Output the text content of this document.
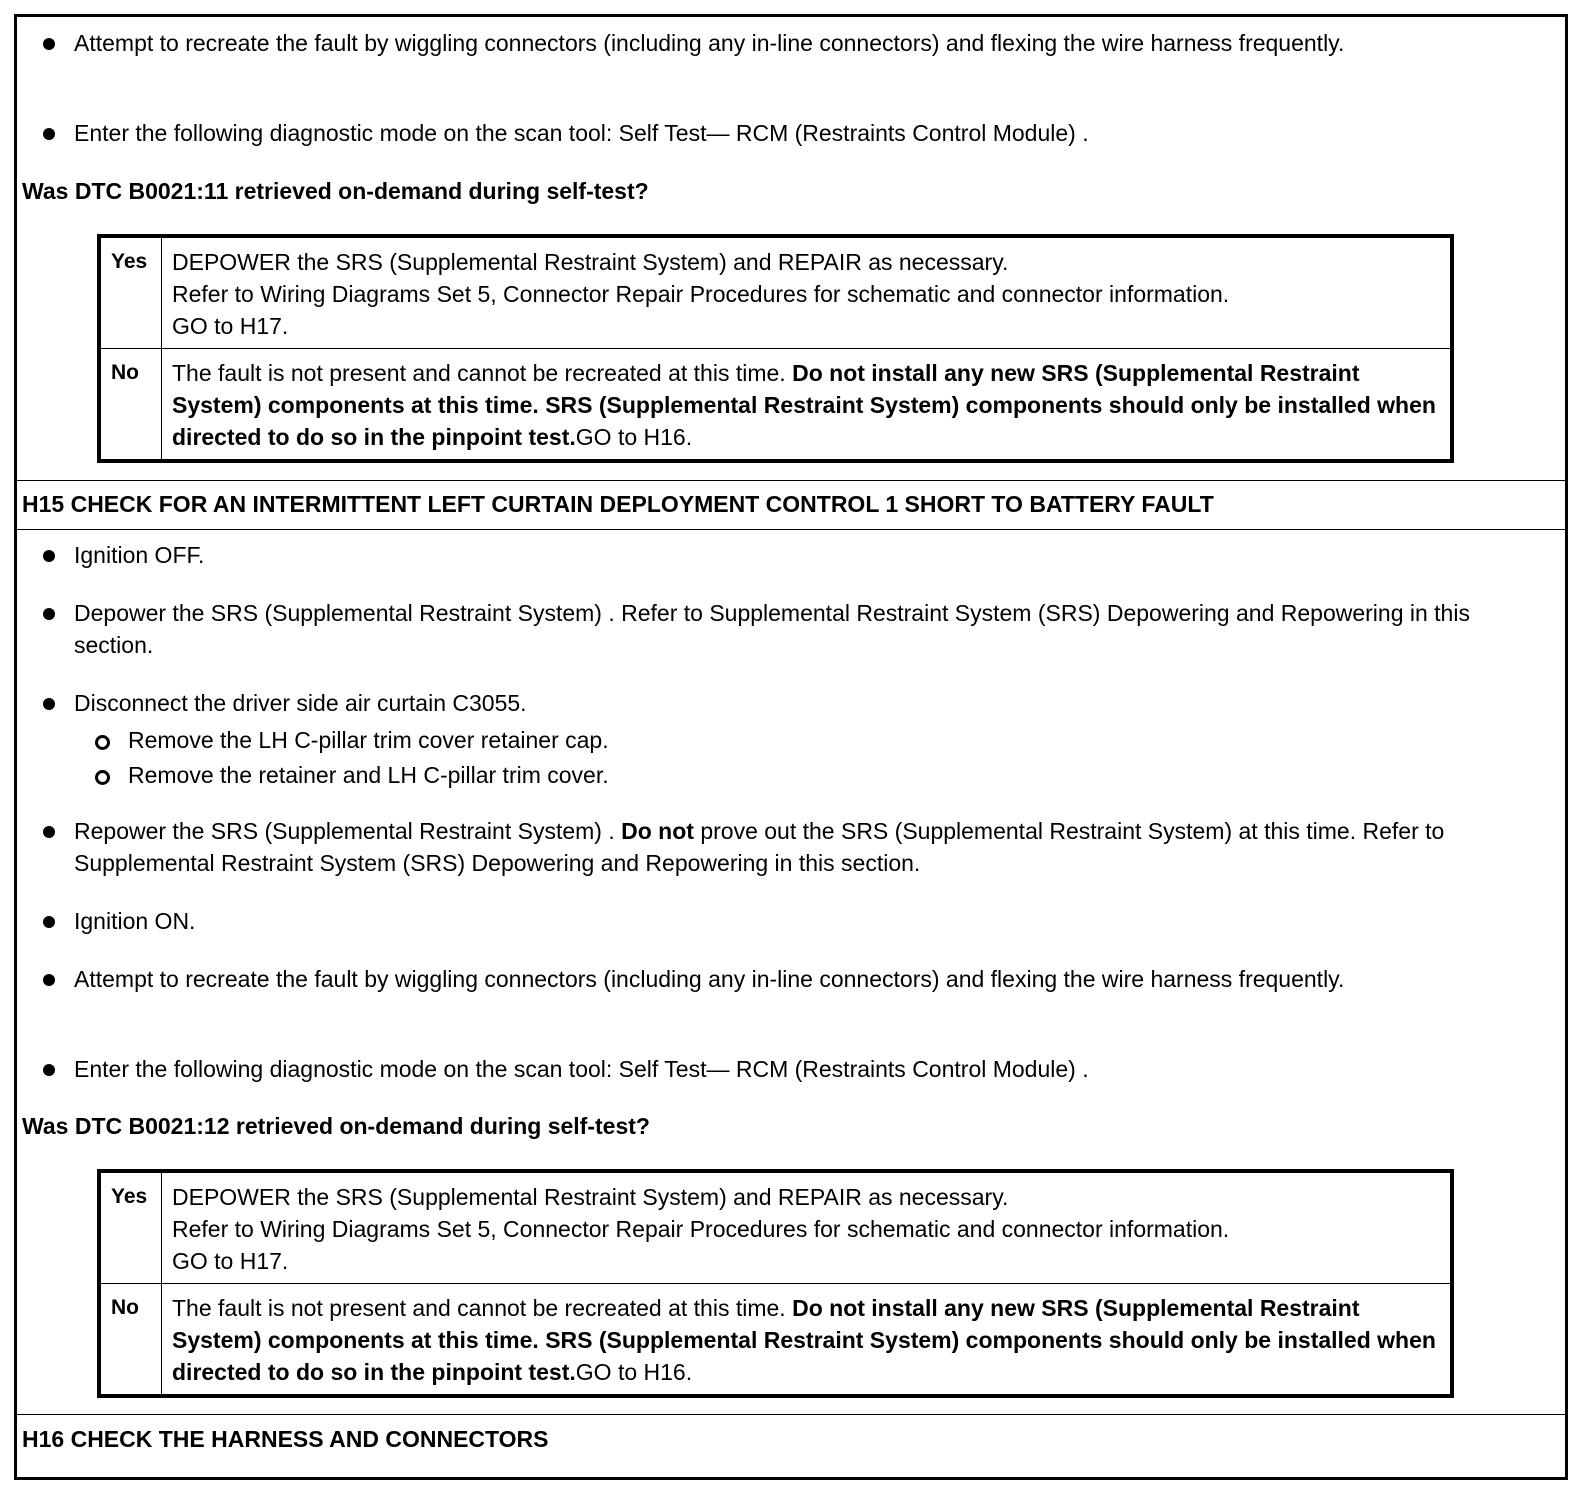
Attempt to recreate the fault by wiggling connectors (including any in-line connectors) and flexing the wire harness frequently.
Enter the following diagnostic mode on the scan tool: Self Test— RCM (Restraints Control Module) .
Was DTC B0021:11 retrieved on-demand during self-test?
Yes	DEPOWER the SRS (Supplemental Restraint System) and REPAIR as necessary.
Refer to Wiring Diagrams Set 5, Connector Repair Procedures for schematic and connector information.
GO to H17.

No	The fault is not present and cannot be recreated at this time. Do not install any new SRS (Supplemental Restraint System) components at this time. SRS (Supplemental Restraint System) components should only be installed when directed to do so in the pinpoint test.GO to H16.
H15 CHECK FOR AN INTERMITTENT LEFT CURTAIN DEPLOYMENT CONTROL 1 SHORT TO BATTERY FAULT
Ignition OFF.
Depower the SRS (Supplemental Restraint System) . Refer to Supplemental Restraint System (SRS) Depowering and Repowering in this section.
Disconnect the driver side air curtain C3055.
Remove the LH C-pillar trim cover retainer cap.
Remove the retainer and LH C-pillar trim cover.
Repower the SRS (Supplemental Restraint System) . Do not prove out the SRS (Supplemental Restraint System) at this time. Refer to Supplemental Restraint System (SRS) Depowering and Repowering in this section.
Ignition ON.
Attempt to recreate the fault by wiggling connectors (including any in-line connectors) and flexing the wire harness frequently.
Enter the following diagnostic mode on the scan tool: Self Test— RCM (Restraints Control Module) .
Was DTC B0021:12 retrieved on-demand during self-test?
Yes	DEPOWER the SRS (Supplemental Restraint System) and REPAIR as necessary.
Refer to Wiring Diagrams Set 5, Connector Repair Procedures for schematic and connector information.
GO to H17.

No	The fault is not present and cannot be recreated at this time. Do not install any new SRS (Supplemental Restraint System) components at this time. SRS (Supplemental Restraint System) components should only be installed when directed to do so in the pinpoint test.GO to H16.
H16 CHECK THE HARNESS AND CONNECTORS
